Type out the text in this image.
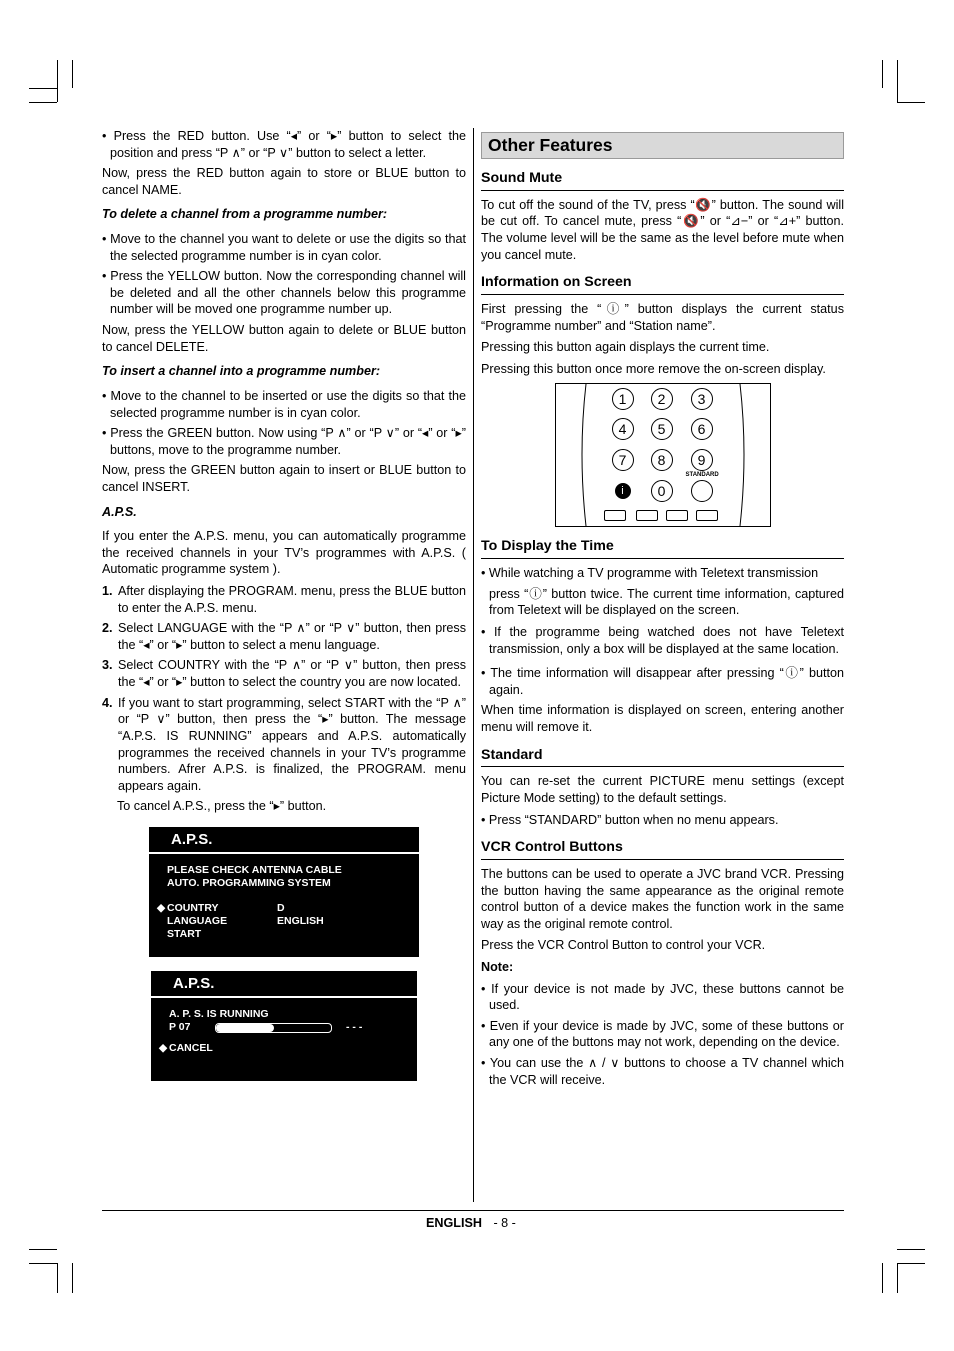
• Press the RED button. Use “◂” or “▸” button to select the position and press “P ∧” or “P ∨” button to select a letter.

Now, press the RED button again to store or BLUE button to cancel NAME.

To delete a channel from a programme number:
• Move to the channel you want to delete or use the digits so that the selected programme number is in cyan color.
• Press the YELLOW button. Now the corresponding channel will be deleted and all the other channels below this programme number will be moved one programme number up.

Now, press the YELLOW button again to delete or BLUE button to cancel DELETE.

To insert a channel into a programme number:
• Move to the channel to be inserted or use the digits so that the selected programme number is in cyan color.
• Press the GREEN button. Now using “P ∧” or “P ∨” or “◂” or “▸” buttons, move to the programme number.

Now, press the GREEN button again to insert or BLUE button to cancel INSERT.

A.P.S.

If you enter the A.P.S. menu, you can automatically programme the received channels in your TV’s programmes with A.P.S. ( Automatic programme system ).

1. After displaying the PROGRAM. menu, press the BLUE button to enter the A.P.S. menu.
2. Select LANGUAGE with the “P ∧” or “P ∨” button, then press the “◂” or “▸” button to select a menu language.
3. Select COUNTRY with the “P ∧” or “P ∨” button, then press the “◂” or “▸” button to select the country you are now located.
4. If you want to start programming, select START with the “P ∧” or “P ∨” button, then press the “▸” button. The message “A.P.S. IS RUNNING” appears and A.P.S. automatically programmes the received channels in your TV’s programme numbers. Afrer A.P.S. is finalized, the PROGRAM. menu appears again.

To cancel A.P.S., press the “▸” button.

A.P.S.
PLEASE CHECK ANTENNA CABLE
AUTO. PROGRAMMING SYSTEM
◆ COUNTRY	D
LANGUAGE	ENGLISH
START
A.P.S.
A. P. S. IS RUNNING
P 07	- - -
◆ CANCEL
Other Features
Sound Mute

To cut off the sound of the TV, press “🔇” button. The sound will be cut off. To cancel mute, press “🔇” or “⊿−” or “⊿+” button. The volume level will be the same as the level before mute when you cancel mute.

Information on Screen

First pressing the “ⓘ” button displays the current status “Programme number” and “Station name”.

Pressing this button again displays the current time.

Pressing this button once more remove the on-screen display.

1	2	3
4	5	6
7	8	9
STANDARD
i	0
To Display the Time
• While watching a TV programme with Teletext transmission

press “ⓘ” button twice. The current time information, captured from Teletext will be displayed on the screen.

• If the programme being watched does not have Teletext transmission, only a box will be displayed at the same location.
• The time information will disappear after pressing “ⓘ” button again.

When time information is displayed on screen, entering another menu will remove it.

Standard

You can re-set the current PICTURE menu settings (except Picture Mode setting) to the default settings.

• Press “STANDARD” button when no menu appears.
VCR Control Buttons

The buttons can be used to operate a JVC brand VCR. Pressing the button having the same appearance as the original remote control button of a device makes the function work in the same way as the original remote control.

Press the VCR Control Button to control your VCR.

Note:

• If your device is not made by JVC, these buttons cannot be used.
• Even if your device is made by JVC, some of these buttons or any one of the buttons may not work, depending on the device.
• You can use the ∧ / ∨ buttons to choose a TV channel which the VCR will receive.
ENGLISH - 8 -
